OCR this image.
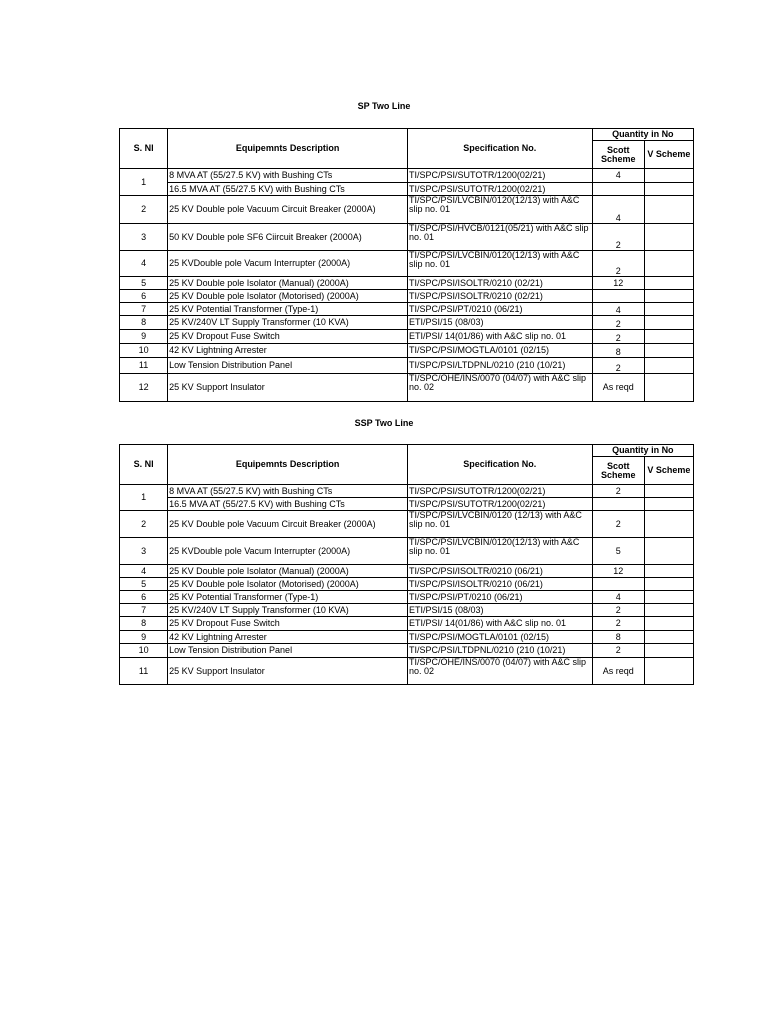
SP Two Line
S. Nl	Equipemnts Description	Specification No.	Quantity in No	
			Scott Scheme	V Scheme
1	8 MVA AT (55/27.5 KV) with Bushing CTs	TI/SPC/PSI/SUTOTR/1200(02/21)	4	
	16.5 MVA AT (55/27.5 KV) with Bushing CTs	TI/SPC/PSI/SUTOTR/1200(02/21)		
2	25 KV Double pole Vacuum Circuit Breaker (2000A)	TI/SPC/PSI/LVCBIN/0120(12/13) with A&C slip no. 01	4	
3	50 KV Double pole SF6 Ciircuit Breaker (2000A)	TI/SPC/PSI/HVCB/0121(05/21) with A&C slip no. 01	2	
4	25 KVDouble pole Vacum Interrupter (2000A)	TI/SPC/PSI/LVCBIN/0120(12/13) with A&C slip no. 01	2	
5	25 KV Double pole Isolator (Manual) (2000A)	TI/SPC/PSI/ISOLTR/0210 (02/21)	12	
6	25 KV Double pole Isolator (Motorised) (2000A)	TI/SPC/PSI/ISOLTR/0210 (02/21)		
7	25 KV Potential Transformer (Type-1)	TI/SPC/PSI/PT/0210 (06/21)	4	
8	25 KV/240V LT Supply Transformer (10 KVA)	ETI/PSI/15 (08/03)	2	
9	25 KV Dropout Fuse Switch	ETI/PSI/ 14(01/86) with A&C slip no. 01	2	
10	42 KV Lightning Arrester	TI/SPC/PSI/MOGTLA/0101 (02/15)	8	
11	Low Tension Distribution Panel	TI/SPC/PSI/LTDPNL/0210 (210 (10/21)	2	
12	25 KV Support Insulator	TI/SPC/OHE/INS/0070 (04/07) with A&C slip no. 02	As reqd	
SSP Two Line
S. Nl	Equipemnts Description	Specification No.	Quantity in No	
			Scott Scheme	V Scheme
1	8 MVA AT (55/27.5 KV) with Bushing CTs	TI/SPC/PSI/SUTOTR/1200(02/21)	2	
	16.5 MVA AT (55/27.5 KV) with Bushing CTs	TI/SPC/PSI/SUTOTR/1200(02/21)		
2	25 KV Double pole Vacuum Circuit Breaker (2000A)	TI/SPC/PSI/LVCBIN/0120 (12/13) with A&C slip no. 01	2	
3	25 KVDouble pole Vacum Interrupter (2000A)	TI/SPC/PSI/LVCBIN/0120(12/13) with A&C slip no. 01	5	
4	25 KV Double pole Isolator (Manual) (2000A)	TI/SPC/PSI/ISOLTR/0210 (06/21)	12	
5	25 KV Double pole Isolator (Motorised) (2000A)	TI/SPC/PSI/ISOLTR/0210 (06/21)		
6	25 KV Potential Transformer (Type-1)	TI/SPC/PSI/PT/0210 (06/21)	4	
7	25 KV/240V LT Supply Transformer (10 KVA)	ETI/PSI/15 (08/03)	2	
8	25 KV Dropout Fuse Switch	ETI/PSI/ 14(01/86) with A&C slip no. 01	2	
9	42 KV Lightning Arrester	TI/SPC/PSI/MOGTLA/0101 (02/15)	8	
10	Low Tension Distribution Panel	TI/SPC/PSI/LTDPNL/0210 (210 (10/21)	2	
11	25 KV Support Insulator	TI/SPC/OHE/INS/0070 (04/07) with A&C slip no. 02	As reqd	
